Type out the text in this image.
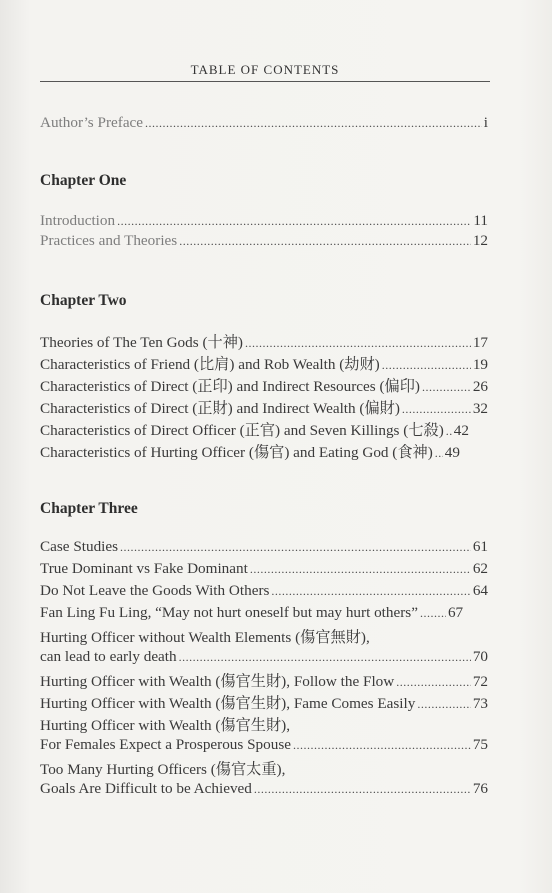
TABLE OF CONTENTS
Author’s Preface .....	i
Chapter One
Introduction .....	11
Practices and Theories .....	12
Chapter Two
Theories of The Ten Gods (十神) .....	17
Characteristics of Friend (比肩) and Rob Wealth (劫财) .....	19
Characteristics of Direct (正印) and Indirect Resources (偏印) .....	26
Characteristics of Direct (正財) and Indirect Wealth (偏財) .....	32
Characteristics of Direct Officer (正官) and Seven Killings (七殺) ..... 42
Characteristics of Hurting Officer (傷官) and Eating God (食神) ..... 49
Chapter Three
Case Studies .....	61
True Dominant vs Fake Dominant .....	62
Do Not Leave the Goods With Others .....	64
Fan Ling Fu Ling, “May not hurt oneself but may hurt others” ..... 67
Hurting Officer without Wealth Elements (傷官無財),
can lead to early death .....	70
Hurting Officer with Wealth (傷官生財), Follow the Flow .....	72
Hurting Officer with Wealth (傷官生財), Fame Comes Easily .....	73
Hurting Officer with Wealth (傷官生財),
For Females Expect a Prosperous Spouse .....	75
Too Many Hurting Officers (傷官太重),
Goals Are Difficult to be Achieved .....	76
